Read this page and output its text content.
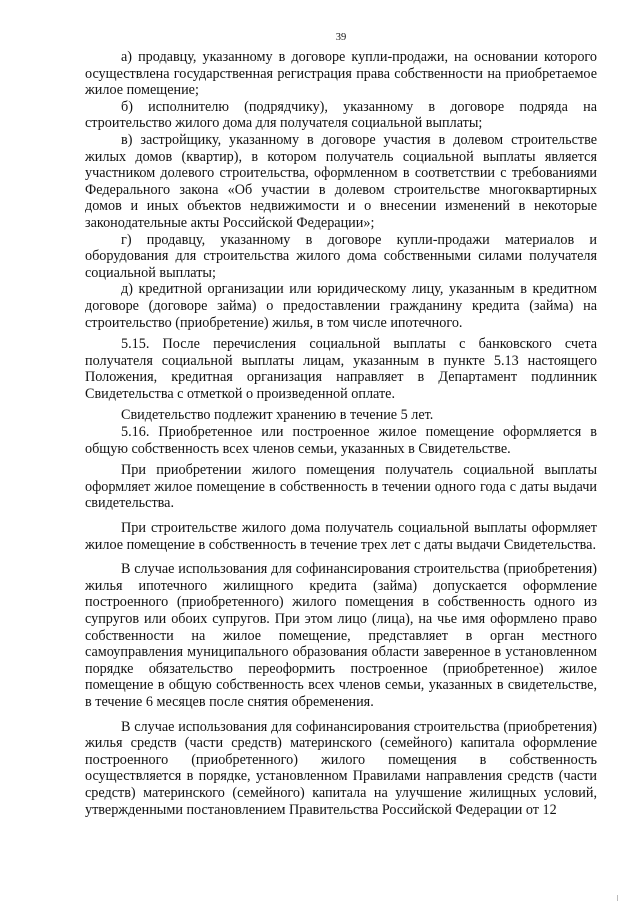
39

а) продавцу, указанному в договоре купли-продажи, на основании которого осуществлена государственная регистрация права собственности на приобретаемое жилое помещение;

б) исполнителю (подрядчику), указанному в договоре подряда на строительство жилого дома для получателя социальной выплаты;

в) застройщику, указанному в договоре участия в долевом строительстве жилых домов (квартир), в котором получатель социальной выплаты является участником долевого строительства, оформленном в соответствии с требованиями Федерального закона «Об участии в долевом строительстве многоквартирных домов и иных объектов недвижимости и о внесении изменений в некоторые законодательные акты Российской Федерации»;

г) продавцу, указанному в договоре купли-продажи материалов и оборудования для строительства жилого дома собственными силами получателя социальной выплаты;

д) кредитной организации или юридическому лицу, указанным в кредитном договоре (договоре займа) о предоставлении гражданину кредита (займа) на строительство (приобретение) жилья, в том числе ипотечного.

5.15. После перечисления социальной выплаты с банковского счета получателя социальной выплаты лицам, указанным в пункте 5.13 настоящего Положения, кредитная организация направляет в Департамент подлинник Свидетельства с отметкой о произведенной оплате.

Свидетельство подлежит хранению в течение 5 лет.

5.16. Приобретенное или построенное жилое помещение оформляется в общую собственность всех членов семьи, указанных в Свидетельстве.

При приобретении жилого помещения получатель социальной выплаты оформляет жилое помещение в собственность в течении одного года с даты выдачи свидетельства.

При строительстве жилого дома получатель социальной выплаты оформляет жилое помещение в собственность в течение трех лет с даты выдачи Свидетельства.

В случае использования для софинансирования строительства (приобретения) жилья ипотечного жилищного кредита (займа) допускается оформление построенного (приобретенного) жилого помещения в собственность одного из супругов или обоих супругов. При этом лицо (лица), на чье имя оформлено право собственности на жилое помещение, представляет в орган местного самоуправления муниципального образования области заверенное в установленном порядке обязательство переоформить построенное (приобретенное) жилое помещение в общую собственность всех членов семьи, указанных в свидетельстве, в течение 6 месяцев после снятия обременения.

В случае использования для софинансирования строительства (приобретения) жилья средств (части средств) материнского (семейного) капитала оформление построенного (приобретенного) жилого помещения в собственность осуществляется в порядке, установленном Правилами направления средств (части средств) материнского (семейного) капитала на улучшение жилищных условий, утвержденными постановлением Правительства Российской Федерации от 12
